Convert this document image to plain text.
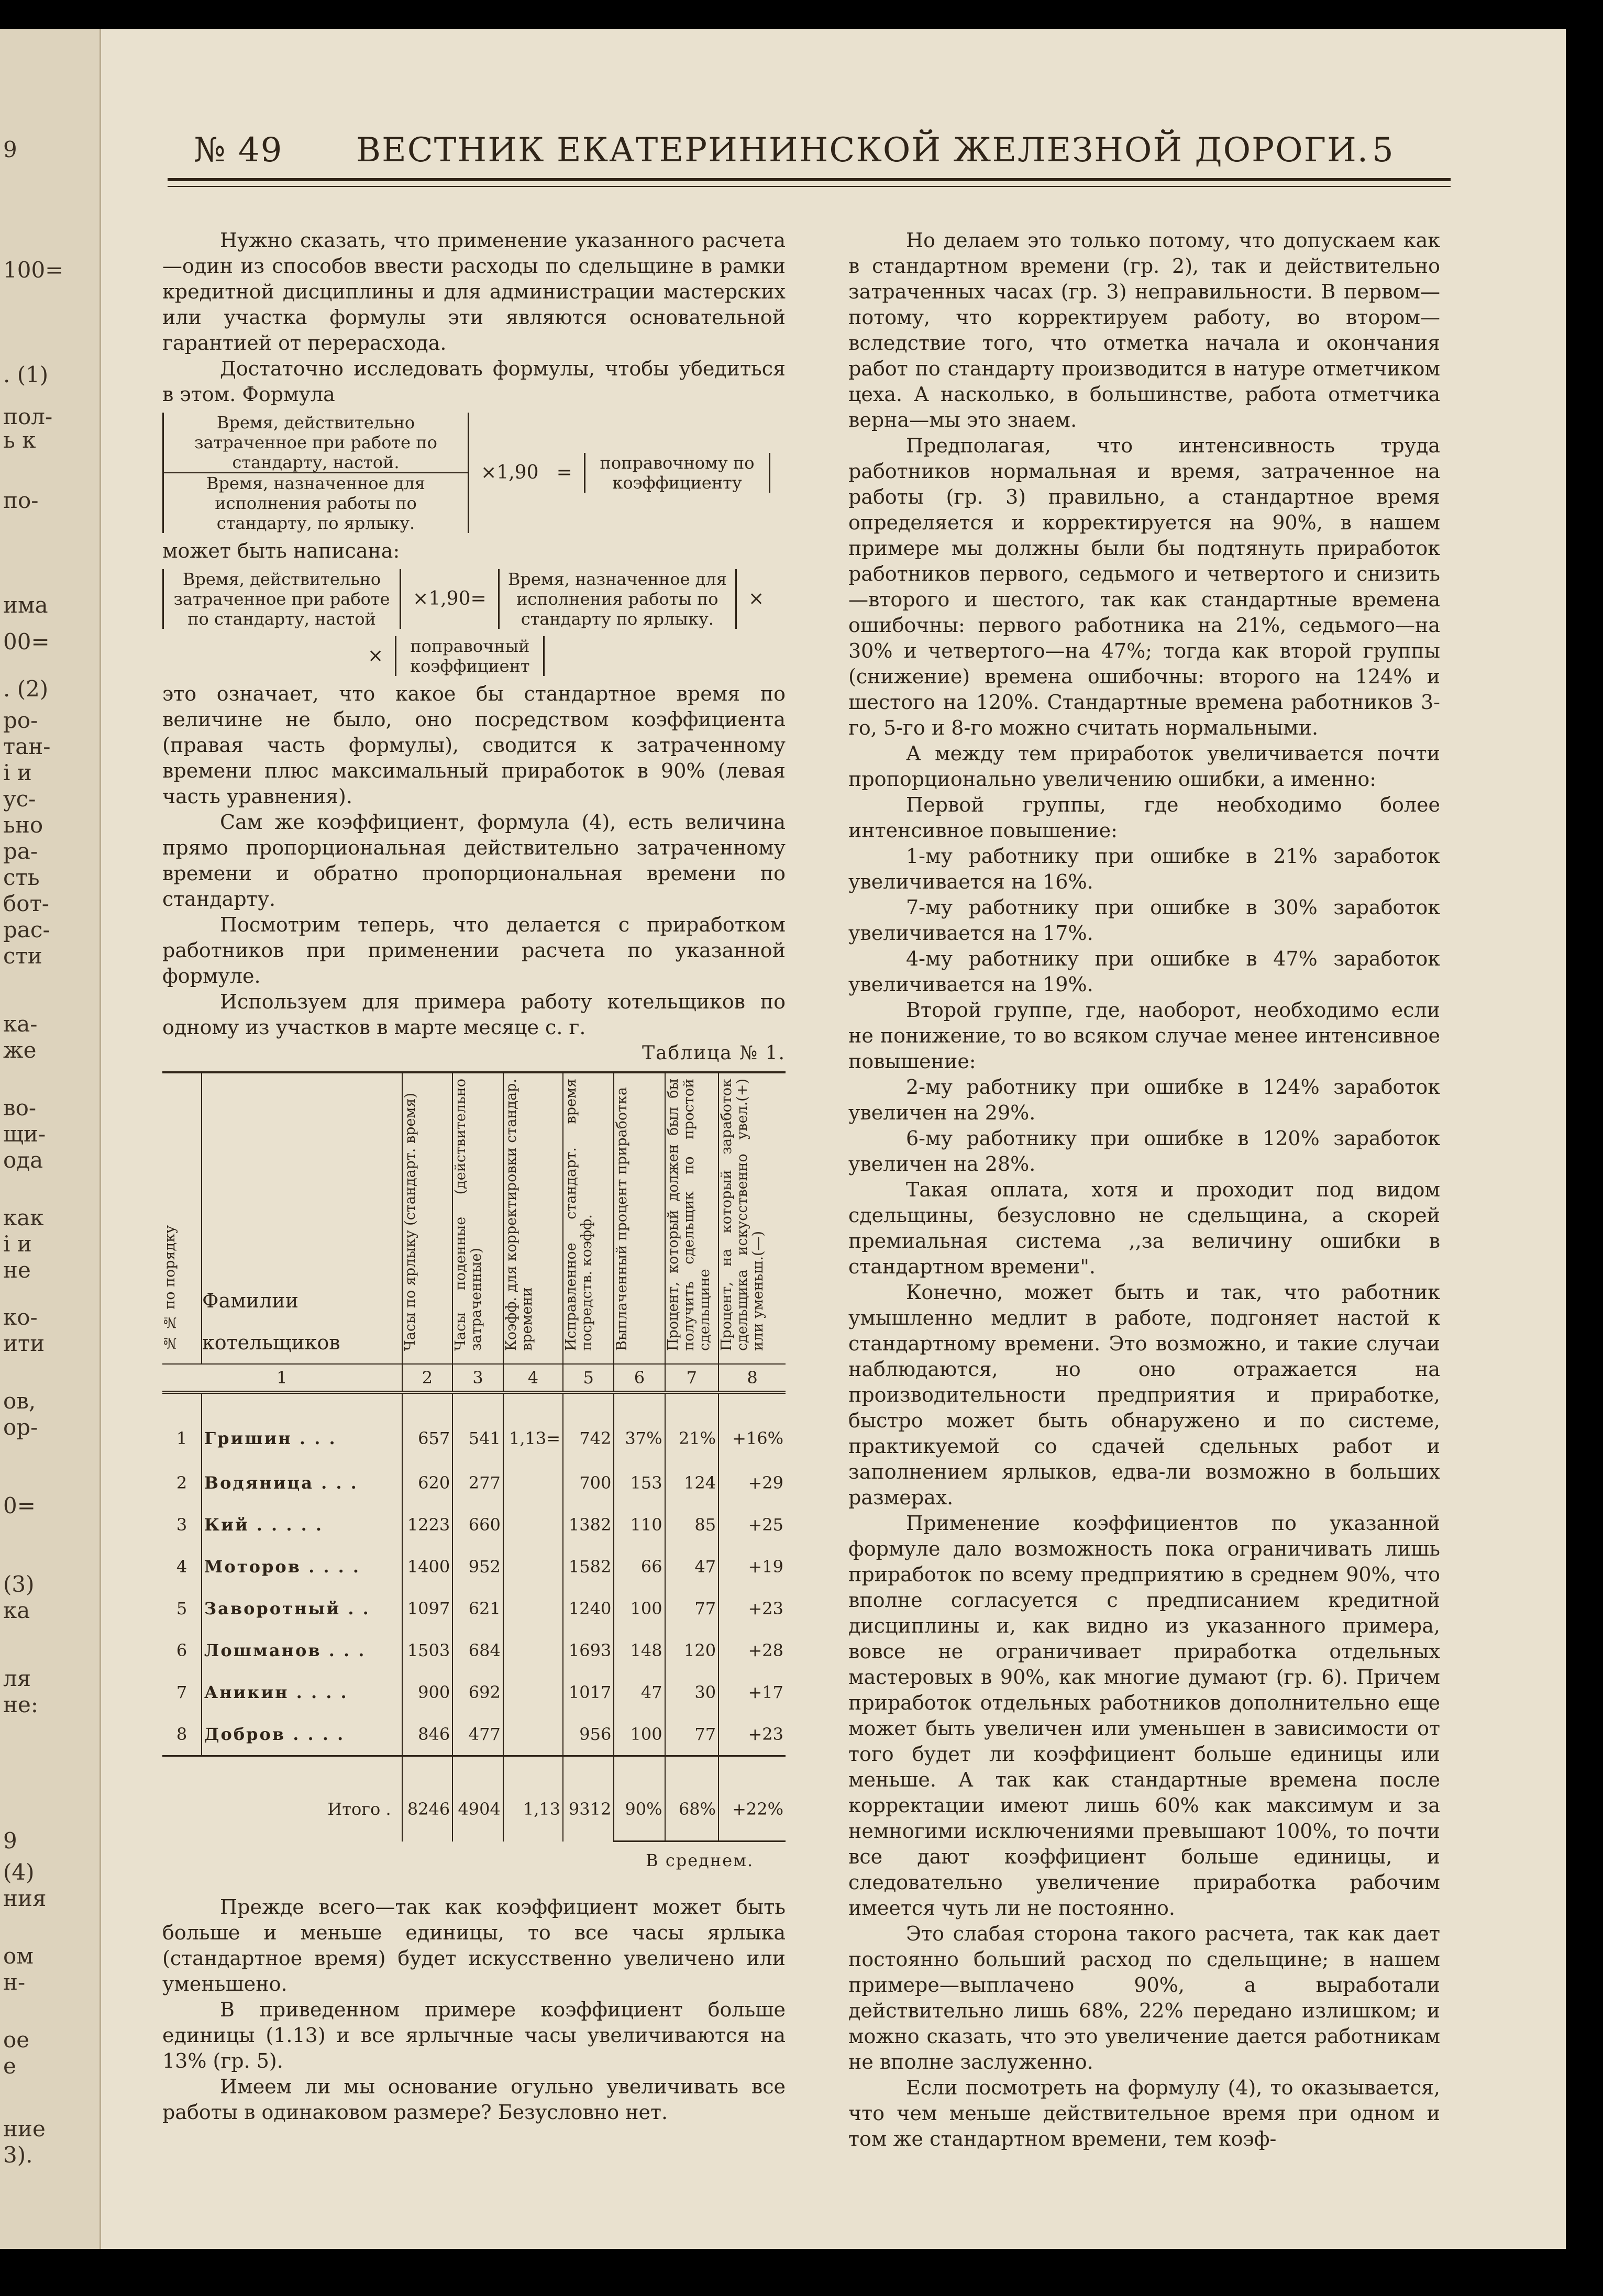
№ 49 ВЕСТНИК ЕКАТЕРИНИНСКОЙ ЖЕЛЕЗНОЙ ДОРОГИ. 5

Нужно сказать, что применение указанного расчета—один из способов ввести расходы по сдельщине в рамки кредитной дисциплины и для администрации мастерских или участка формулы эти являются основательной гарантией от перерасхода.

Достаточно исследовать формулы, чтобы убедиться в этом. Формула

Время, действительно затраченное при работе по стандарту, настой.
Время, назначенное для исполнения работы по стандарту, по ярлыку. ×1,90 = поправочному по коэффициенту

может быть написана:

Время, действительно затраченное при работе по стандарту, настой ×1,90= Время, назначенное для исполнения работы по стандарту по ярлыку. ×
× поправочный коэффициент

это означает, что какое бы стандартное время по величине не было, оно посредством коэффициента (правая часть формулы), сводится к затраченному времени плюс максимальный приработок в 90% (левая часть уравнения).

Сам же коэффициент, формула (4), есть величина прямо пропорциональная действительно затраченному времени и обратно пропорциональная времени по стандарту.

Посмотрим теперь, что делается с приработком работников при применении расчета по указанной формуле.

Используем для примера работу котельщиков по одному из участков в марте месяце с. г.

Таблица № 1.
№ № по порядку	Фамилии котельщиков	Часы по ярлыку (стандарт. время)	Часы поденные (действительно затраченные)	Коэфф. для корректировки стандар. времени	Исправленное стандарт. время посредств. коэфф.	Выплаченный процент приработка	Процент, который должен был бы получить сдельщик по простой сдельщине	Процент, на который заработок сдельщика искусственно увел.(+) или уменьш.(—)
1		2	3	4	5	6	7	8
1	Гришин . . .	657	541	1,13=	742	37%	21%	+16%
2	Водяница . . .	620	277		700	153	124	+29
3	Кий . . . . .	1223	660		1382	110	85	+25
4	Моторов . . . .	1400	952		1582	66	47	+19
5	Заворотный . .	1097	621		1240	100	77	+23
6	Лошманов . . .	1503	684		1693	148	120	+28
7	Аникин . . . .	900	692		1017	47	30	+17
8	Добров . . . .	846	477		956	100	77	+23
Итого .		8246	4904	1,13	9312	90%	68%	+22%
						В среднем.		

Прежде всего—так как коэффициент может быть больше и меньше единицы, то все часы ярлыка (стандартное время) будет искусственно увеличено или уменьшено.

В приведенном примере коэффициент больше единицы (1.13) и все ярлычные часы увеличиваются на 13% (гр. 5).

Имеем ли мы основание огульно увеличивать все работы в одинаковом размере? Безусловно нет.

Но делаем это только потому, что допускаем как в стандартном времени (гр. 2), так и действительно затраченных часах (гр. 3) неправильности. В первом—потому, что корректируем работу, во втором—вследствие того, что отметка начала и окончания работ по стандарту производится в натуре отметчиком цеха. А насколько, в большинстве, работа отметчика верна—мы это знаем.

Предполагая, что интенсивность труда работников нормальная и время, затраченное на работы (гр. 3) правильно, а стандартное время определяется и корректируется на 90%, в нашем примере мы должны были бы подтянуть приработок работников первого, седьмого и четвертого и снизить—второго и шестого, так как стандартные времена ошибочны: первого работника на 21%, седьмого—на 30% и четвертого—на 47%; тогда как второй группы (снижение) времена ошибочны: второго на 124% и шестого на 120%. Стандартные времена работников 3-го, 5-го и 8-го можно считать нормальными.

А между тем приработок увеличивается почти пропорционально увеличению ошибки, а именно:

Первой группы, где необходимо более интенсивное повышение:

1-му работнику при ошибке в 21% заработок увеличивается на 16%.

7-му работнику при ошибке в 30% заработок увеличивается на 17%.

4-му работнику при ошибке в 47% заработок увеличивается на 19%.

Второй группе, где, наоборот, необходимо если не понижение, то во всяком случае менее интенсивное повышение:

2-му работнику при ошибке в 124% заработок увеличен на 29%.

6-му работнику при ошибке в 120% заработок увеличен на 28%.

Такая оплата, хотя и проходит под видом сдельщины, безусловно не сдельщина, а скорей премиальная система ,,за величину ошибки в стандартном времени".

Конечно, может быть и так, что работник умышленно медлит в работе, подгоняет настой к стандартному времени. Это возможно, и такие случаи наблюдаются, но оно отражается на производительности предприятия и приработке, быстро может быть обнаружено и по системе, практикуемой со сдачей сдельных работ и заполнением ярлыков, едва-ли возможно в больших размерах.

Применение коэффициентов по указанной формуле дало возможность пока ограничивать лишь приработок по всему предприятию в среднем 90%, что вполне согласуется с предписанием кредитной дисциплины и, как видно из указанного примера, вовсе не ограничивает приработка отдельных мастеровых в 90%, как многие думают (гр. 6). Причем приработок отдельных работников дополнительно еще может быть увеличен или уменьшен в зависимости от того будет ли коэффициент больше единицы или меньше. А так как стандартные времена после корректации имеют лишь 60% как максимум и за немногими исключениями превышают 100%, то почти все дают коэффициент больше единицы, и следовательно увеличение приработка рабочим имеется чуть ли не постоянно.

Это слабая сторона такого расчета, так как дает постоянно больший расход по сдельщине; в нашем примере—выплачено 90%, а выработали действительно лишь 68%, 22% передано излишком; и можно сказать, что это увеличение дается работникам не вполне заслуженно.

Если посмотреть на формулу (4), то оказывается, что чем меньше действительное время при одном и том же стандартном времени, тем коэф-

9
100=
. (1)
пол-
ь к
по-
има
00=
. (2)
ро-
тан-
і и
ус-
ьно
ра-
сть
бот-
рас-
сти
ка-
же
во-
щи-
ода
как
і и
не
ко-
ити
ов,
ор-
0=
(3)
ка
ля
не:
9
(4)
ния
ом
н-
ое
е
ние
3).
